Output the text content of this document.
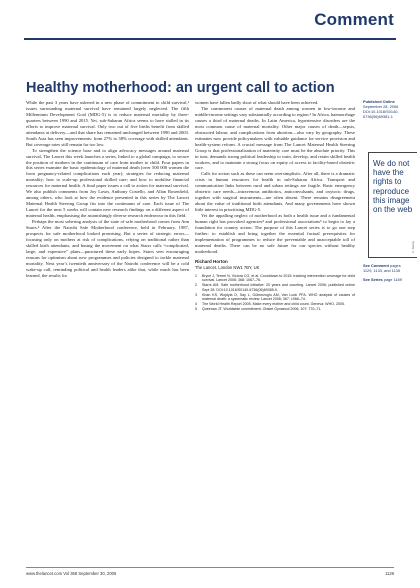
Comment
Healthy motherhood: an urgent call to action

While the past 3 years have ushered in a new phase of commitment to child survival,¹ issues surrounding maternal survival have remained largely neglected. The fifth Millennium Development Goal (MDG-5) is to reduce maternal mortality by three-quarters between 1990 and 2015. Yet, sub-Saharan Africa seems to have stalled in its efforts to improve maternal survival. Only two out of five births benefit from skilled attendants at delivery—and that share has remained unchanged between 1990 and 2003. South Asia has seen improvements: from 27% to 38% coverage with skilled attendants. But coverage rates still remain far too low.

To strengthen the science base and to align advocacy messages around maternal survival, The Lancet this week launches a series, linked to a global campaign, to secure the position of mothers in the continuum of care from mother to child. Four papers in this series examine the basic epidemiology of maternal death (over 500 000 women die from pregnancy-related complications each year); strategies for reducing maternal mortality; how to scale-up professional skilled care; and how to mobilise financial resources for maternal health. A final paper issues a call to action for maternal survival. We also publish comments from Joy Lawn, Anthony Costello, and Allan Rosenfield, among others, who look at how the evidence presented in this series by The Lancet Maternal Health Steering Group fits into the continuum of care. Each issue of The Lancet for the next 5 weeks will contain new research findings on a different aspect of maternal health, emphasising the astonishingly diverse research endeavour in this field.

Perhaps the most sobering analysis of the state of safe motherhood comes from Ann Starrs.² After the Nairobi Safe Motherhood conference, held in February, 1987, prospects for safe motherhood looked promising. But a series of strategic errors—focusing only on mothers at risk of complications, relying on traditional rather than skilled birth attendants, and basing the movement on what Starrs calls “complicated, large, and expensive” plans—punctured these early hopes. Starrs sees encouraging reasons for optimism about new programmes and policies designed to tackle maternal mortality. Next year’s twentieth anniversary of the Nairobi conference will be a cold wake-up call, reminding political and health leaders alike that, while much has been learned, the results for

women have fallen badly short of what should have been achieved.

The commonest causes of maternal death among women in low-income and middle-income settings vary substantially according to region.³ In Africa, haemorrhage causes a third of maternal deaths. In Latin America, hypertensive disorders are the most common cause of maternal mortality. Other major causes of death—sepsis, obstructed labour, and complications from abortion—also vary by geography. These estimates now provide policymakers with valuable guidance for service provision and health-system reform. A crucial message from The Lancet Maternal Health Steering Group is that professionalisation of maternity care must be the absolute priority. This in turn, demands strong political leadership to train, develop, and retain skilled health workers, and to maintain a strong focus on equity of access to facility-based obstetric care.

Calls for action such as these can seem oversimplistic. After all, there is a dramatic crisis in human resources for health in sub-Saharan Africa. Transport and communication links between rural and urban settings are fragile. Basic emergency obstetric care needs—intravenous antibiotics, anticonvulsants, and oxytocic drugs, together with surgical instruments—are often absent. There remains disagreement about the value of traditional birth attendants. And many governments have shown little interest in prioritising MDG-5.

Yet the appalling neglect of motherhood as both a health issue and a fundamental human right has provoked agencies⁴ and professional associations⁵ to begin to lay a foundation for country action. The purpose of this Lancet series is to go one step further: to establish and bring together the essential factual prerequisites for implementation of programmes to reduce the preventable and unacceptable toll of maternal deaths. There can be no safe future for our species without healthy motherhood.

Richard Horton
The Lancet, London NW1 7BY, UK
1	Bryce J, Terreri N, Victora CG, et al. Countdown to 2015: tracking intervention coverage for child survival. Lancet 2006; 368: 1067–76.
2	Starrs AM. Safe motherhood initiative: 20 years and counting. Lancet 2006; published online Sept 28. DOI:10.1016/S0140-6736(06)69385-9.
3	Khan KS, Wojdyla D, Say L, Gülmezoglu AM, Van Look PFA. WHO analysis of causes of maternal death: a systematic review. Lancet 2006; 367: 1066–74.
4	The World Health Report 2005. Make every mother and child count. Geneva: WHO, 2005.
5	Queenan JT. Worldwide commitment. Obstet Gynaecol 2006; 107: 770–71.
Published Online
September 28, 2006
DOI:10.1016/S0140-6736(06)69381-1
We do not have the rights to reproduce this image on the web
© Alamy
See Comment pages 1129, 1133, and 1135
See Series page 1189
www.thelancet.com Vol 368 September 30, 2006	1129
